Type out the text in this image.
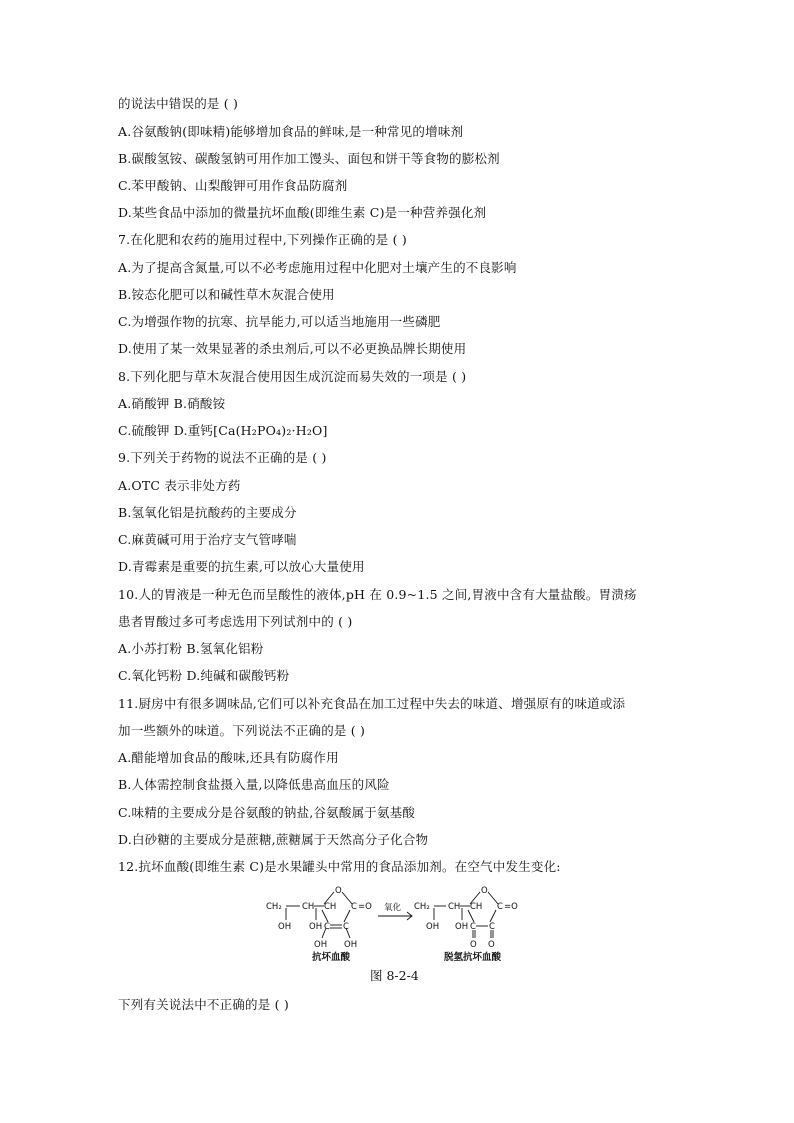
的说法中错误的是 ( )
A.谷氨酸钠(即味精)能够增加食品的鲜味,是一种常见的增味剂
B.碳酸氢铵、碳酸氢钠可用作加工馒头、面包和饼干等食物的膨松剂
C.苯甲酸钠、山梨酸钾可用作食品防腐剂
D.某些食品中添加的微量抗坏血酸(即维生素 C)是一种营养强化剂
7.在化肥和农药的施用过程中,下列操作正确的是 ( )
A.为了提高含氮量,可以不必考虑施用过程中化肥对土壤产生的不良影响
B.铵态化肥可以和碱性草木灰混合使用
C.为增强作物的抗寒、抗旱能力,可以适当地施用一些磷肥
D.使用了某一效果显著的杀虫剂后,可以不必更换品牌长期使用
8.下列化肥与草木灰混合使用因生成沉淀而易失效的一项是 ( )
A.硝酸钾 B.硝酸铵
C.硫酸钾 D.重钙[Ca(H₂PO₄)₂·H₂O]
9.下列关于药物的说法不正确的是 ( )
A.OTC 表示非处方药
B.氢氧化铝是抗酸药的主要成分
C.麻黄碱可用于治疗支气管哮喘
D.青霉素是重要的抗生素,可以放心大量使用
10.人的胃液是一种无色而呈酸性的液体,pH 在 0.9~1.5 之间,胃液中含有大量盐酸。胃溃疡
患者胃酸过多可考虑选用下列试剂中的 ( )
A.小苏打粉 B.氢氧化铝粉
C.氧化钙粉 D.纯碱和碳酸钙粉
11.厨房中有很多调味品,它们可以补充食品在加工过程中失去的味道、增强原有的味道或添
加一些额外的味道。下列说法不正确的是 ( )
A.醋能增加食品的酸味,还具有防腐作用
B.人体需控制食盐摄入量,以降低患高血压的风险
C.味精的主要成分是谷氨酸的钠盐,谷氨酸属于氨基酸
D.白砂糖的主要成分是蔗糖,蔗糖属于天然高分子化合物
12.抗坏血酸(即维生素 C)是水果罐头中常用的食品添加剂。在空气中发生变化:
CH₂ CH CH
O
C =O
OH OH C C
OH OH
氧化 CH₂ CH CH
O
C =O
OH OH C C
O O
抗坏血酸	脱氢抗坏血酸
图 8-2-4
下列有关说法中不正确的是 ( )
